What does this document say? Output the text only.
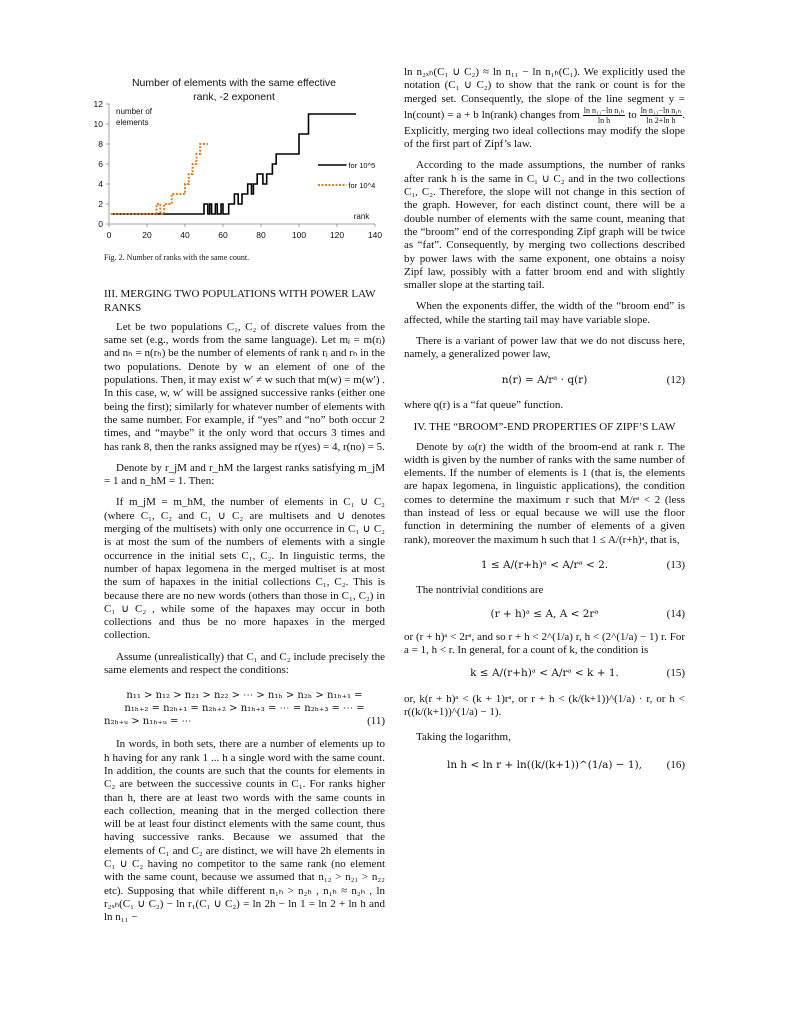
Number of elements with the same effective
rank, -2 exponent
number of
elements
0
2
4
6
8
10
12
0	20	40	60	80	100	120	140
rank
for 10^5
for 10^4

Fig. 2. Number of ranks with the same count.

III. MERGING TWO POPULATIONS WITH POWER LAW RANKS

Let be two populations C₁, C₂ of discrete values from the same set (e.g., words from the same language). Let mⱼ = m(rⱼ) and nₕ = n(rₕ) be the number of elements of rank rⱼ and rₕ in the two populations. Denote by w an element of one of the populations. Then, it may exist w′ ≠ w such that m(w) = m(w′) . In this case, w, w′ will be assigned successive ranks (either one being the first); similarly for whatever number of elements with the same number. For example, if “yes” and “no” both occur 2 times, and “maybe” it the only word that occurs 3 times and has rank 8, then the ranks assigned may be r(yes) = 4, r(no) = 5.

Denote by r_jM and r_hM the largest ranks satisfying m_jM = 1 and n_hM = 1. Then:

If m_jM = m_hM, the number of elements in C₁ ∪ C₂ (where C₁, C₂ and C₁ ∪ C₂ are multisets and ∪ denotes merging of the multisets) with only one occurrence in C₁ ∪ C₂ is at most the sum of the numbers of elements with a single occurrence in the initial sets C₁, C₂. In linguistic terms, the number of hapax legomena in the merged multiset is at most the sum of hapaxes in the initial collections C₁, C₂. This is because there are no new words (others than those in C₁, C₂) in C₁ ∪ C₂ , while some of the hapaxes may occur in both collections and thus be no more hapaxes in the merged collection.

Assume (unrealistically) that C₁ and C₂ include precisely the same elements and respect the conditions:

n₁₁ > n₁₂ > n₂₁ > n₂₂ > ⋯ > n₁ₕ > n₂ₕ > n₁ₕ₊₁ =
n₁ₕ₊₂ = n₂ₕ₊₁ = n₂ₕ₊₂ > n₁ₕ₊₃ = ⋯ = n₂ₕ₊₃ = ⋯ =
n₂ₕ₊ᵤ > n₁ₕ₊ᵤ = ⋯	(11)

In words, in both sets, there are a number of elements up to h having for any rank 1 ... h a single word with the same count. In addition, the counts are such that the counts for elements in C₂ are between the successive counts in C₁. For ranks higher than h, there are at least two words with the same counts in each collection, meaning that in the merged collection there will be at least four distinct elements with the same count, thus having successive ranks. Because we assumed that the elements of C₁ and C₂ are distinct, we will have 2h elements in C₁ ∪ C₂ having no competitor to the same rank (no element with the same count, because we assumed that n₁₂ > n₂₁ > n₂₂ etc). Supposing that while different n₁ₕ > n₂ₕ , n₁ₕ ≈ n₂ₕ , ln r₂ₓₕ(C₁ ∪ C₂) − ln r₁(C₁ ∪ C₂) = ln 2h − ln 1 = ln 2 + ln h and ln n₁₁ −

ln n₂ₓₕ(C₁ ∪ C₂) ≈ ln n₁₁ − ln n₁ₕ(C₁). We explicitly used the notation (C₁ ∪ C₂) to show that the rank or count is for the merged set. Consequently, the slope of the line segment y = ln(count) = a + b ln(rank) changes from $\frac{\text{ln n₁₁−ln n₁ₕ}}{\text{ln h}}$ to $\frac{\text{ln n₁₁−ln n₁ₕ}}{\text{ln 2+ln h}}$ . Explicitly, merging two ideal collections may modify the slope of the first part of Zipf’s law.

According to the made assumptions, the number of ranks after rank h is the same in C₁ ∪ C₂ and in the two collections C₁, C₂. Therefore, the slope will not change in this section of the graph. However, for each distinct count, there will be a double number of elements with the same count, meaning that the “broom” end of the corresponding Zipf graph will be twice as “fat”. Consequently, by merging two collections described by power laws with the same exponent, one obtains a noisy Zipf law, possibly with a fatter broom end and with slightly smaller slope at the starting tail.

When the exponents differ, the width of the “broom end” is affected, while the starting tail may have variable slope.

There is a variant of power law that we do not discuss here, namely, a generalized power law,

n(r) = A/rᵃ · q(r)	(12)

where q(r) is a “fat queue” function.

IV. THE “BROOM”-END PROPERTIES OF ZIPF’S LAW

Denote by ω(r) the width of the broom-end at rank r. The width is given by the number of ranks with the same number of elements. If the number of elements is 1 (that is, the elements are hapax legomena, in linguistic applications), the condition comes to determine the maximum r such that M/rᵃ < 2 (less than instead of less or equal because we will use the floor function in determining the number of elements of a given rank), moreover the maximum h such that 1 ≤ A/(r+h)ᵃ, that is,

1 ≤ A/(r+h)ᵃ < A/rᵃ < 2.	(13)

The nontrivial conditions are

(r + h)ᵃ ≤ A, A < 2rᵃ	(14)

or (r + h)ᵃ < 2rᵃ, and so r + h < 2^(1/a) r, h < (2^(1/a) − 1) r. For a = 1, h < r. In general, for a count of k, the condition is

k ≤ A/(r+h)ᵃ < A/rᵃ < k + 1.	(15)

or, k(r + h)ᵃ < (k + 1)rᵃ, or r + h < (k/(k+1))^(1/a) · r, or h < r((k/(k+1))^(1/a) − 1).

Taking the logarithm,

ln h < ln r + ln((k/(k+1))^(1/a) − 1), (16)
